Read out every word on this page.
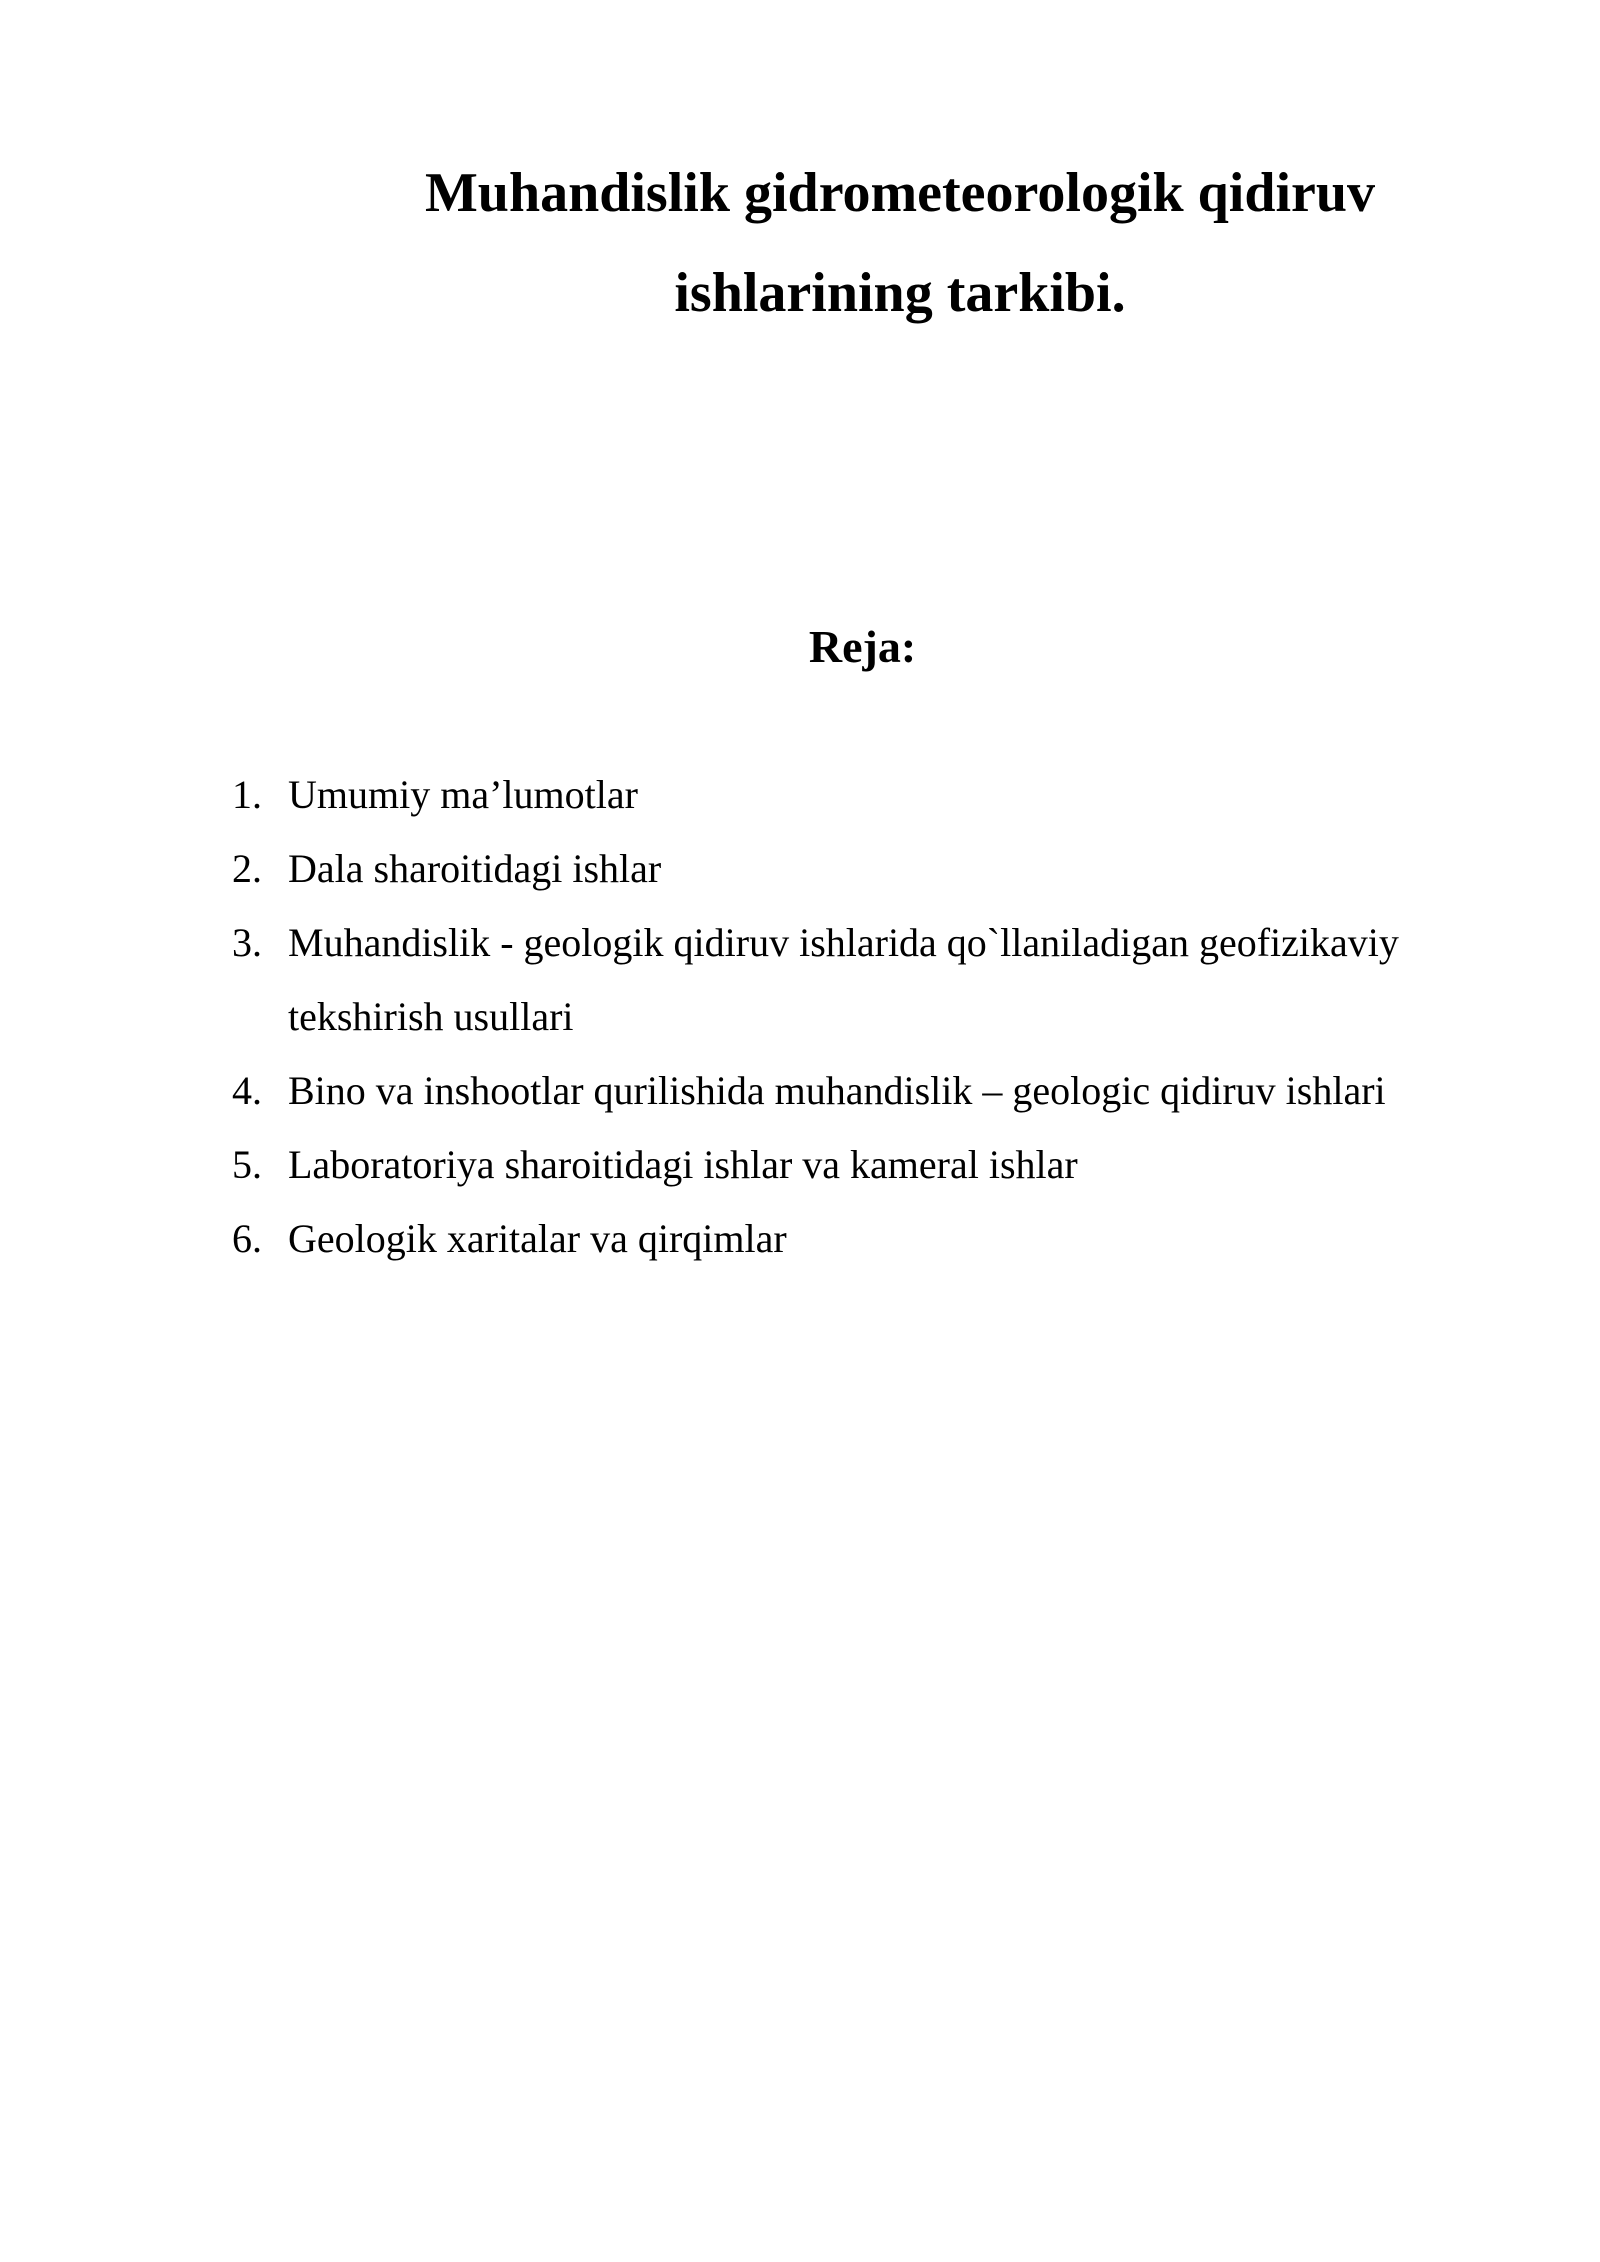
Muhandislik gidrometeorologik qidiruv
ishlarining tarkibi.
Reja:
1. Umumiy ma’lumotlar
2. Dala sharoitidagi ishlar
3. Muhandislik - geologik qidiruv ishlarida qo`llaniladigan geofizikaviy tekshirish usullari
4. Bino va inshootlar qurilishida muhandislik – geologic qidiruv ishlari
5. Laboratoriya sharoitidagi ishlar va kameral ishlar
6. Geologik xaritalar va qirqimlar
